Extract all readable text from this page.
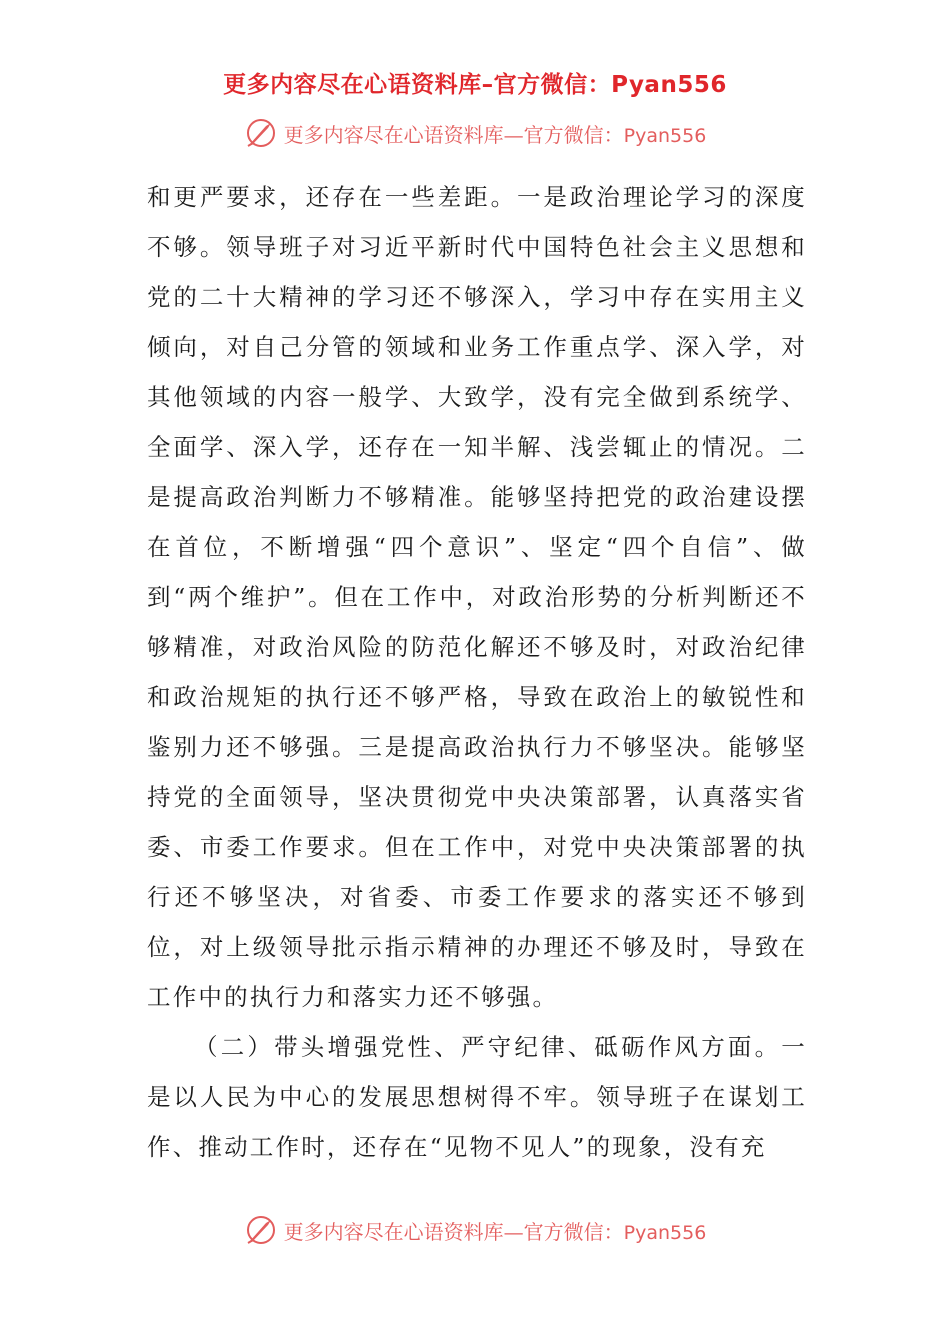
更多内容尽在心语资料库–官方微信：Pyan556
更多内容尽在心语资料库—官方微信：Pyan556

和更严要求，还存在一些差距。一是政治理论学习的深度不够。领导班子对习近平新时代中国特色社会主义思想和党的二十大精神的学习还不够深入，学习中存在实用主义倾向，对自己分管的领域和业务工作重点学、深入学，对其他领域的内容一般学、大致学，没有完全做到系统学、全面学、深入学，还存在一知半解、浅尝辄止的情况。二是提高政治判断力不够精准。能够坚持把党的政治建设摆在首位，不断增强“四个意识”、坚定“四个自信”、做到“两个维护”。但在工作中，对政治形势的分析判断还不够精准，对政治风险的防范化解还不够及时，对政治纪律和政治规矩的执行还不够严格，导致在政治上的敏锐性和鉴别力还不够强。三是提高政治执行力不够坚决。能够坚持党的全面领导，坚决贯彻党中央决策部署，认真落实省委、市委工作要求。但在工作中，对党中央决策部署的执行还不够坚决，对省委、市委工作要求的落实还不够到位，对上级领导批示指示精神的办理还不够及时，导致在工作中的执行力和落实力还不够强。

（二）带头增强党性、严守纪律、砥砺作风方面。一是以人民为中心的发展思想树得不牢。领导班子在谋划工作、推动工作时，还存在“见物不见人”的现象，没有充

更多内容尽在心语资料库—官方微信：Pyan556
